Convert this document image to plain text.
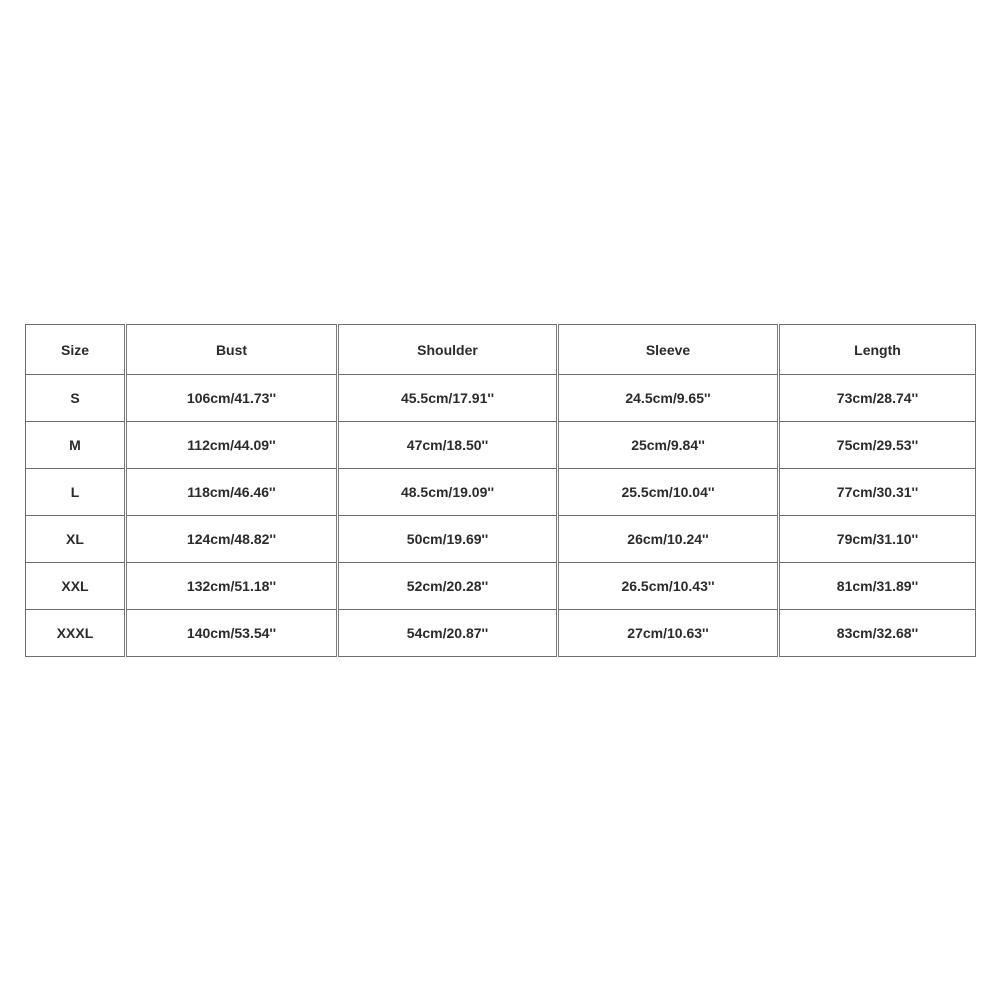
Size	Bust	Shoulder	Sleeve	Length
S	106cm/41.73''	45.5cm/17.91''	24.5cm/9.65''	73cm/28.74''
M	112cm/44.09''	47cm/18.50''	25cm/9.84''	75cm/29.53''
L	118cm/46.46''	48.5cm/19.09''	25.5cm/10.04''	77cm/30.31''
XL	124cm/48.82''	50cm/19.69''	26cm/10.24''	79cm/31.10''
XXL	132cm/51.18''	52cm/20.28''	26.5cm/10.43''	81cm/31.89''
XXXL	140cm/53.54''	54cm/20.87''	27cm/10.63''	83cm/32.68''
